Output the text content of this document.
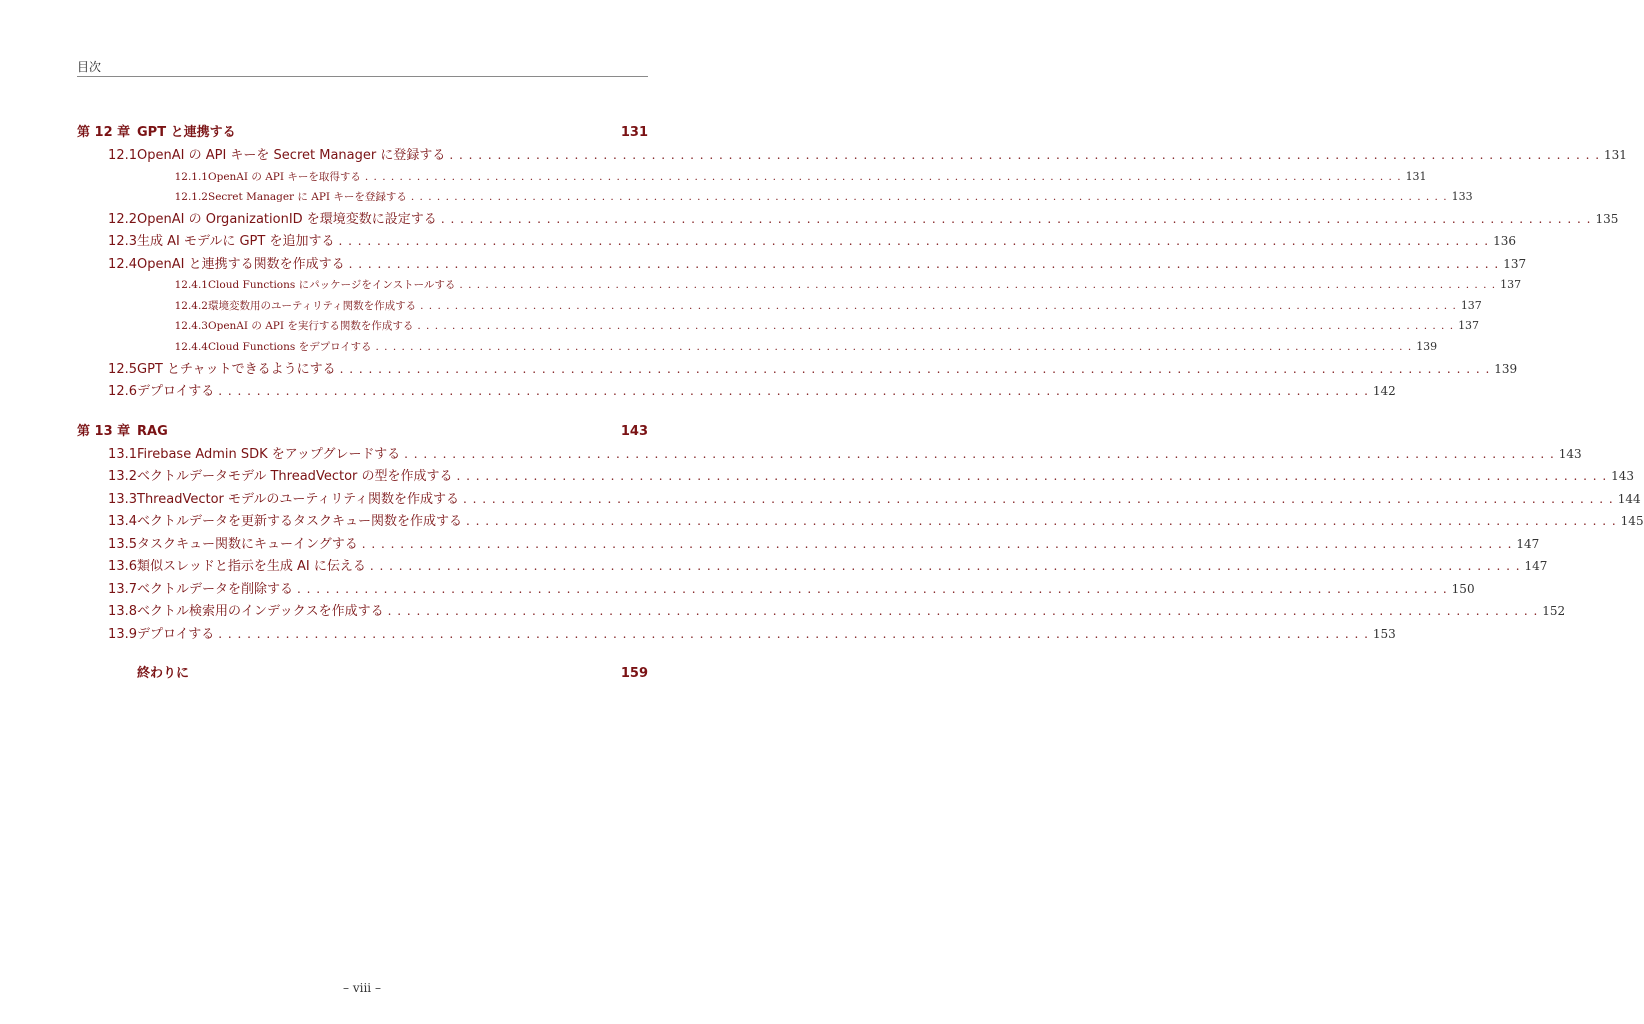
目次
第 12 章 GPT と連携する	131
12.1 OpenAI の API キーを Secret Manager に登録する . . . . . . . . . . . . . . . . . . . . . . . . . . . . . . . . . . . . . . . . . . . . . . . . . . . . . . . . . . . . . . . . . . . . . . . . . . . . . . . . . . . . . . . . . . . . . . . . . . . . . . . . . . . . . . . . . . . . . . . . 131
12.1.1 OpenAI の API キーを取得する . . . . . . . . . . . . . . . . . . . . . . . . . . . . . . . . . . . . . . . . . . . . . . . . . . . . . . . . . . . . . . . . . . . . . . . . . . . . . . . . . . . . . . . . . . . . . . . . . . . . . . . . . . . . . . . . . . . . . . . . 131
12.1.2 Secret Manager に API キーを登録する . . . . . . . . . . . . . . . . . . . . . . . . . . . . . . . . . . . . . . . . . . . . . . . . . . . . . . . . . . . . . . . . . . . . . . . . . . . . . . . . . . . . . . . . . . . . . . . . . . . . . . . . . . . . . . . . . . . . . . . . 133
12.2 OpenAI の OrganizationID を環境変数に設定する . . . . . . . . . . . . . . . . . . . . . . . . . . . . . . . . . . . . . . . . . . . . . . . . . . . . . . . . . . . . . . . . . . . . . . . . . . . . . . . . . . . . . . . . . . . . . . . . . . . . . . . . . . . . . . . . . . . . . . . . 135
12.3 生成 AI モデルに GPT を追加する . . . . . . . . . . . . . . . . . . . . . . . . . . . . . . . . . . . . . . . . . . . . . . . . . . . . . . . . . . . . . . . . . . . . . . . . . . . . . . . . . . . . . . . . . . . . . . . . . . . . . . . . . . . . . . . . . . . . . . . . 136
12.4 OpenAI と連携する関数を作成する . . . . . . . . . . . . . . . . . . . . . . . . . . . . . . . . . . . . . . . . . . . . . . . . . . . . . . . . . . . . . . . . . . . . . . . . . . . . . . . . . . . . . . . . . . . . . . . . . . . . . . . . . . . . . . . . . . . . . . . . 137
12.4.1 Cloud Functions にパッケージをインストールする . . . . . . . . . . . . . . . . . . . . . . . . . . . . . . . . . . . . . . . . . . . . . . . . . . . . . . . . . . . . . . . . . . . . . . . . . . . . . . . . . . . . . . . . . . . . . . . . . . . . . . . . . . . . . . . . . . . . . . . . 137
12.4.2 環境変数用のユーティリティ関数を作成する . . . . . . . . . . . . . . . . . . . . . . . . . . . . . . . . . . . . . . . . . . . . . . . . . . . . . . . . . . . . . . . . . . . . . . . . . . . . . . . . . . . . . . . . . . . . . . . . . . . . . . . . . . . . . . . . . . . . . . . . 137
12.4.3 OpenAI の API を実行する関数を作成する . . . . . . . . . . . . . . . . . . . . . . . . . . . . . . . . . . . . . . . . . . . . . . . . . . . . . . . . . . . . . . . . . . . . . . . . . . . . . . . . . . . . . . . . . . . . . . . . . . . . . . . . . . . . . . . . . . . . . . . . 137
12.4.4 Cloud Functions をデプロイする . . . . . . . . . . . . . . . . . . . . . . . . . . . . . . . . . . . . . . . . . . . . . . . . . . . . . . . . . . . . . . . . . . . . . . . . . . . . . . . . . . . . . . . . . . . . . . . . . . . . . . . . . . . . . . . . . . . . . . . . 139
12.5 GPT とチャットできるようにする . . . . . . . . . . . . . . . . . . . . . . . . . . . . . . . . . . . . . . . . . . . . . . . . . . . . . . . . . . . . . . . . . . . . . . . . . . . . . . . . . . . . . . . . . . . . . . . . . . . . . . . . . . . . . . . . . . . . . . . . 139
12.6 デプロイする . . . . . . . . . . . . . . . . . . . . . . . . . . . . . . . . . . . . . . . . . . . . . . . . . . . . . . . . . . . . . . . . . . . . . . . . . . . . . . . . . . . . . . . . . . . . . . . . . . . . . . . . . . . . . . . . . . . . . . . . 142
第 13 章 RAG	143
13.1 Firebase Admin SDK をアップグレードする . . . . . . . . . . . . . . . . . . . . . . . . . . . . . . . . . . . . . . . . . . . . . . . . . . . . . . . . . . . . . . . . . . . . . . . . . . . . . . . . . . . . . . . . . . . . . . . . . . . . . . . . . . . . . . . . . . . . . . . . 143
13.2 ベクトルデータモデル ThreadVector の型を作成する . . . . . . . . . . . . . . . . . . . . . . . . . . . . . . . . . . . . . . . . . . . . . . . . . . . . . . . . . . . . . . . . . . . . . . . . . . . . . . . . . . . . . . . . . . . . . . . . . . . . . . . . . . . . . . . . . . . . . . . . 143
13.3 ThreadVector モデルのユーティリティ関数を作成する . . . . . . . . . . . . . . . . . . . . . . . . . . . . . . . . . . . . . . . . . . . . . . . . . . . . . . . . . . . . . . . . . . . . . . . . . . . . . . . . . . . . . . . . . . . . . . . . . . . . . . . . . . . . . . . . . . . . . . . . 144
13.4 ベクトルデータを更新するタスクキュー関数を作成する . . . . . . . . . . . . . . . . . . . . . . . . . . . . . . . . . . . . . . . . . . . . . . . . . . . . . . . . . . . . . . . . . . . . . . . . . . . . . . . . . . . . . . . . . . . . . . . . . . . . . . . . . . . . . . . . . . . . . . . . 145
13.5 タスクキュー関数にキューイングする . . . . . . . . . . . . . . . . . . . . . . . . . . . . . . . . . . . . . . . . . . . . . . . . . . . . . . . . . . . . . . . . . . . . . . . . . . . . . . . . . . . . . . . . . . . . . . . . . . . . . . . . . . . . . . . . . . . . . . . . 147
13.6 類似スレッドと指示を生成 AI に伝える . . . . . . . . . . . . . . . . . . . . . . . . . . . . . . . . . . . . . . . . . . . . . . . . . . . . . . . . . . . . . . . . . . . . . . . . . . . . . . . . . . . . . . . . . . . . . . . . . . . . . . . . . . . . . . . . . . . . . . . . 147
13.7 ベクトルデータを削除する . . . . . . . . . . . . . . . . . . . . . . . . . . . . . . . . . . . . . . . . . . . . . . . . . . . . . . . . . . . . . . . . . . . . . . . . . . . . . . . . . . . . . . . . . . . . . . . . . . . . . . . . . . . . . . . . . . . . . . . . 150
13.8 ベクトル検索用のインデックスを作成する . . . . . . . . . . . . . . . . . . . . . . . . . . . . . . . . . . . . . . . . . . . . . . . . . . . . . . . . . . . . . . . . . . . . . . . . . . . . . . . . . . . . . . . . . . . . . . . . . . . . . . . . . . . . . . . . . . . . . . . . 152
13.9 デプロイする . . . . . . . . . . . . . . . . . . . . . . . . . . . . . . . . . . . . . . . . . . . . . . . . . . . . . . . . . . . . . . . . . . . . . . . . . . . . . . . . . . . . . . . . . . . . . . . . . . . . . . . . . . . . . . . . . . . . . . . . 153
終わりに	159
– viii –
